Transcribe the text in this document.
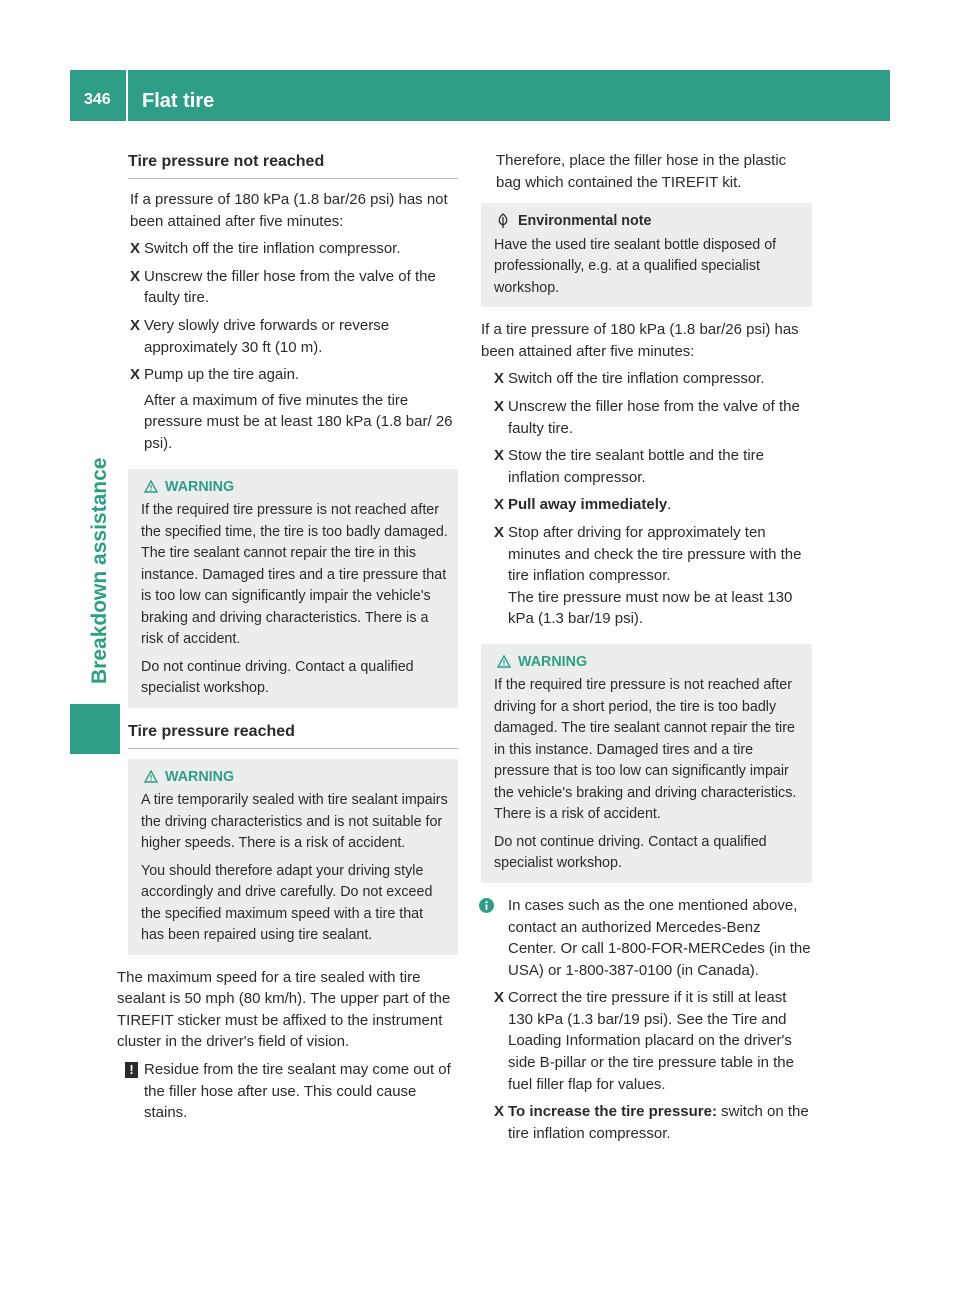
346 Flat tire
Breakdown assistance
Tire pressure not reached

If a pressure of 180 kPa (1.8 bar/26 psi) has not been attained after five minutes:

X Switch off the tire inflation compressor.
X Unscrew the filler hose from the valve of the faulty tire.
X Very slowly drive forwards or reverse approximately 30 ft (10 m).
X Pump up the tire again.
After a maximum of five minutes the tire pressure must be at least 180 kPa (1.8 bar/ 26 psi).
WARNING
If the required tire pressure is not reached after the specified time, the tire is too badly damaged. The tire sealant cannot repair the tire in this instance. Damaged tires and a tire pressure that is too low can significantly impair the vehicle's braking and driving characteristics. There is a risk of accident.
Do not continue driving. Contact a qualified specialist workshop.
Tire pressure reached
WARNING
A tire temporarily sealed with tire sealant impairs the driving characteristics and is not suitable for higher speeds. There is a risk of accident.
You should therefore adapt your driving style accordingly and drive carefully. Do not exceed the specified maximum speed with a tire that has been repaired using tire sealant.

The maximum speed for a tire sealed with tire sealant is 50 mph (80 km/h). The upper part of the TIREFIT sticker must be affixed to the instrument cluster in the driver's field of vision.

! Residue from the tire sealant may come out of the filler hose after use. This could cause stains.
Therefore, place the filler hose in the plastic bag which contained the TIREFIT kit.
Environmental note
Have the used tire sealant bottle disposed of professionally, e.g. at a qualified specialist workshop.

If a tire pressure of 180 kPa (1.8 bar/26 psi) has been attained after five minutes:

X Switch off the tire inflation compressor.
X Unscrew the filler hose from the valve of the faulty tire.
X Stow the tire sealant bottle and the tire inflation compressor.
X Pull away immediately.
X Stop after driving for approximately ten minutes and check the tire pressure with the tire inflation compressor.
The tire pressure must now be at least 130 kPa (1.3 bar/19 psi).
WARNING
If the required tire pressure is not reached after driving for a short period, the tire is too badly damaged. The tire sealant cannot repair the tire in this instance. Damaged tires and a tire pressure that is too low can significantly impair the vehicle's braking and driving characteristics. There is a risk of accident.
Do not continue driving. Contact a qualified specialist workshop.
In cases such as the one mentioned above, contact an authorized Mercedes-Benz Center. Or call 1-800-FOR-MERCedes (in the USA) or 1-800-387-0100 (in Canada).
X Correct the tire pressure if it is still at least 130 kPa (1.3 bar/19 psi). See the Tire and Loading Information placard on the driver's side B-pillar or the tire pressure table in the fuel filler flap for values.
X To increase the tire pressure: switch on the tire inflation compressor.
